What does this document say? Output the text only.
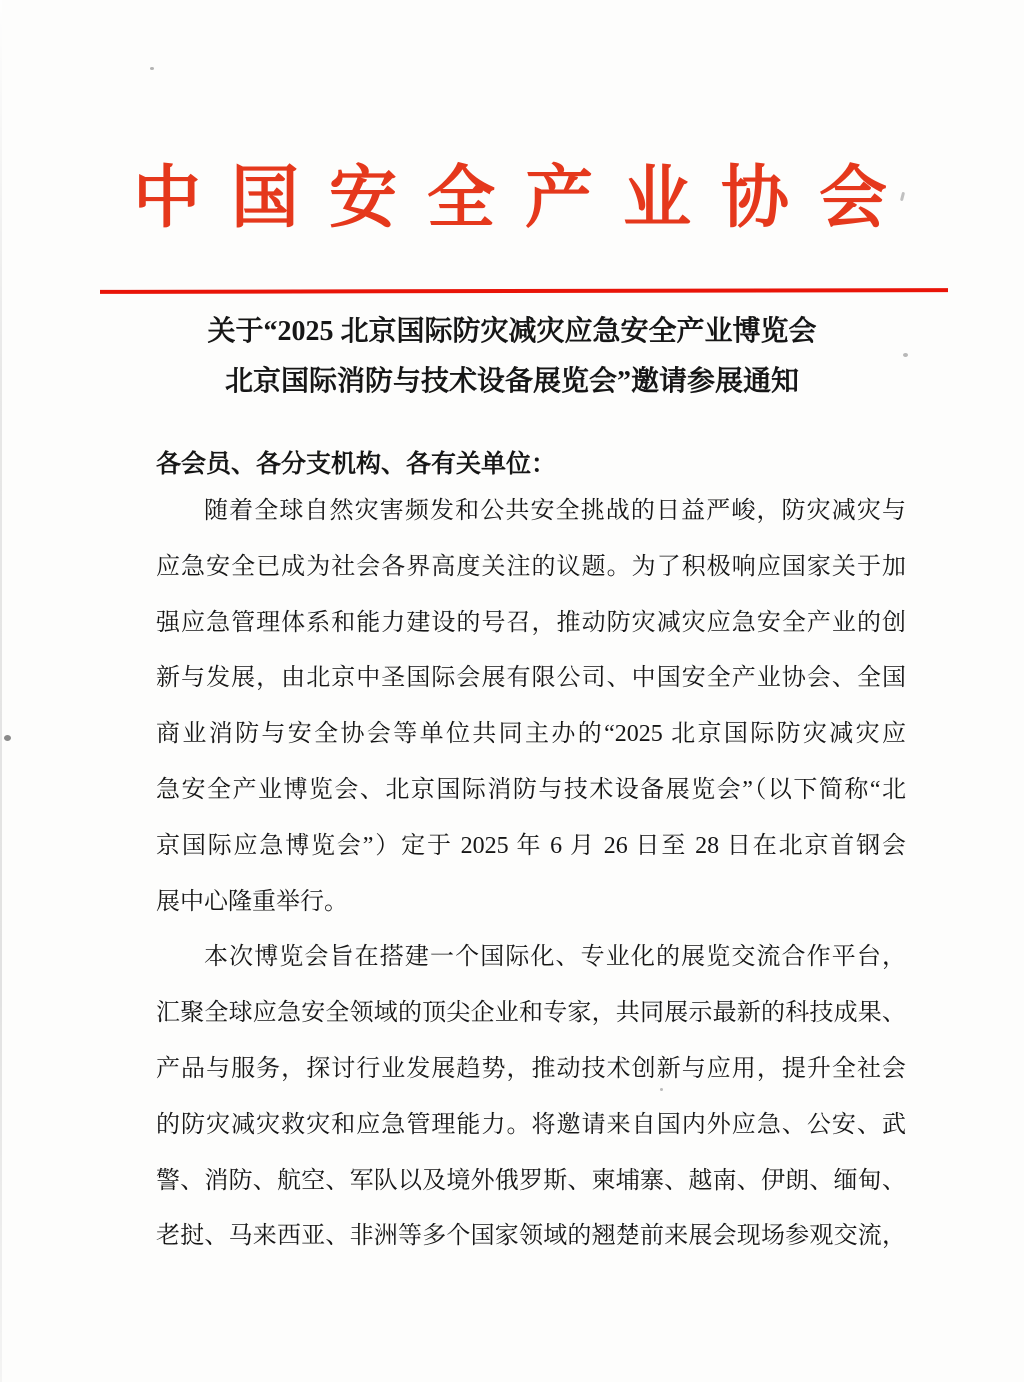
中国安全产业协会
关于“2025 北京国际防灾减灾应急安全产业博览会
北京国际消防与技术设备展览会”邀请参展通知
各会员、各分支机构、各有关单位：
随着全球自然灾害频发和公共安全挑战的日益严峻，防灾减灾与
应急安全已成为社会各界高度关注的议题。为了积极响应国家关于加
强应急管理体系和能力建设的号召，推动防灾减灾应急安全产业的创
新与发展，由北京中圣国际会展有限公司、中国安全产业协会、全国
商业消防与安全协会等单位共同主办的“2025 北京国际防灾减灾应
急安全产业博览会、北京国际消防与技术设备展览会”（以下简称“北
京国际应急博览会”）定于 2025 年 6 月 26 日至 28 日在北京首钢会
展中心隆重举行。
本次博览会旨在搭建一个国际化、专业化的展览交流合作平台，
汇聚全球应急安全领域的顶尖企业和专家，共同展示最新的科技成果、
产品与服务，探讨行业发展趋势，推动技术创新与应用，提升全社会
的防灾减灾救灾和应急管理能力。将邀请来自国内外应急、公安、武
警、消防、航空、军队以及境外俄罗斯、柬埔寨、越南、伊朗、缅甸、
老挝、马来西亚、非洲等多个国家领域的翘楚前来展会现场参观交流，
